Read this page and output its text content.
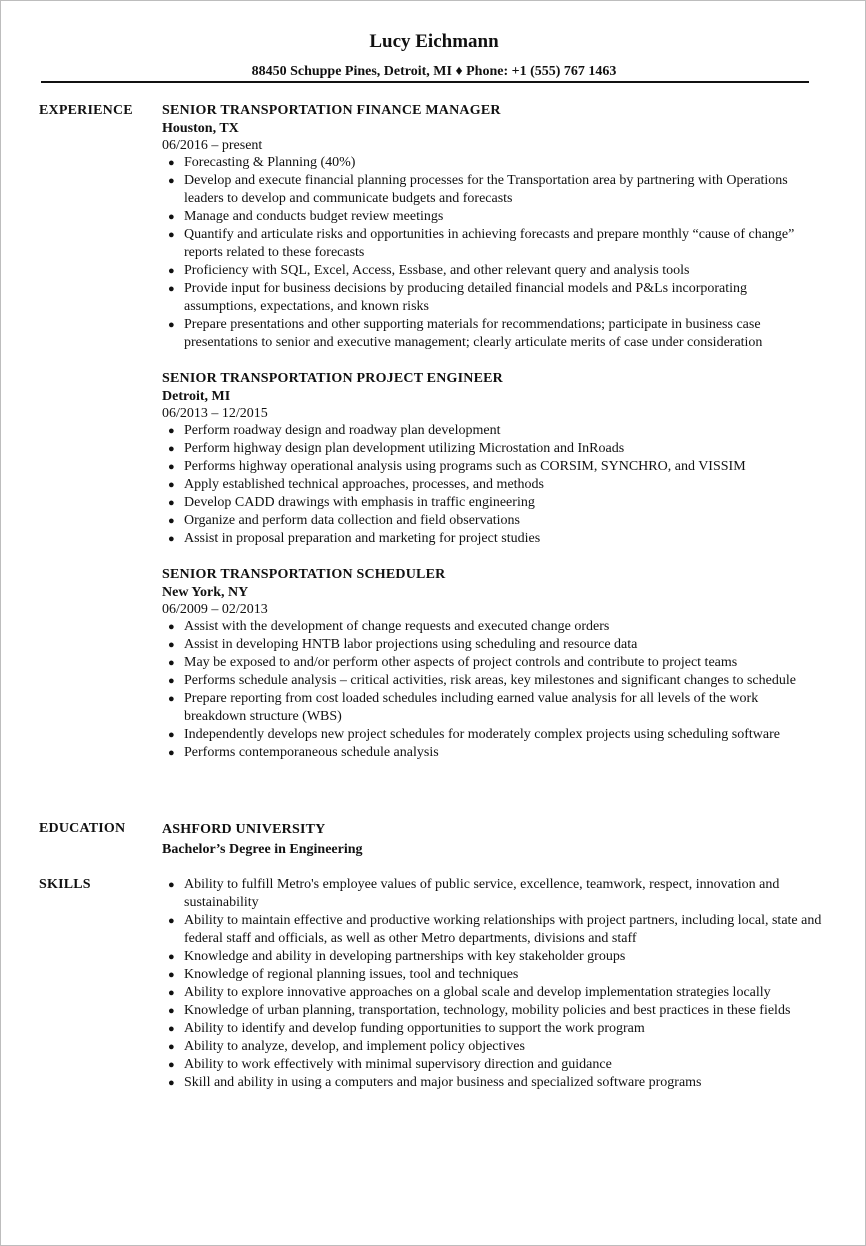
Lucy Eichmann
88450 Schuppe Pines, Detroit, MI ♦ Phone: +1 (555) 767 1463
EXPERIENCE SENIOR TRANSPORTATION FINANCE MANAGER
Houston, TX
06/2016 – present
● Forecasting & Planning (40%)
● Develop and execute financial planning processes for the Transportation area by partnering with Operations leaders to develop and communicate budgets and forecasts
● Manage and conducts budget review meetings
● Quantify and articulate risks and opportunities in achieving forecasts and prepare monthly “cause of change” reports related to these forecasts
● Proficiency with SQL, Excel, Access, Essbase, and other relevant query and analysis tools
● Provide input for business decisions by producing detailed financial models and P&Ls incorporating assumptions, expectations, and known risks
● Prepare presentations and other supporting materials for recommendations; participate in business case presentations to senior and executive management; clearly articulate merits of case under consideration
SENIOR TRANSPORTATION PROJECT ENGINEER
Detroit, MI
06/2013 – 12/2015
● Perform roadway design and roadway plan development
● Perform highway design plan development utilizing Microstation and InRoads
● Performs highway operational analysis using programs such as CORSIM, SYNCHRO, and VISSIM
● Apply established technical approaches, processes, and methods
● Develop CADD drawings with emphasis in traffic engineering
● Organize and perform data collection and field observations
● Assist in proposal preparation and marketing for project studies
SENIOR TRANSPORTATION SCHEDULER
New York, NY
06/2009 – 02/2013
● Assist with the development of change requests and executed change orders
● Assist in developing HNTB labor projections using scheduling and resource data
● May be exposed to and/or perform other aspects of project controls and contribute to project teams
● Performs schedule analysis – critical activities, risk areas, key milestones and significant changes to schedule
● Prepare reporting from cost loaded schedules including earned value analysis for all levels of the work breakdown structure (WBS)
● Independently develops new project schedules for moderately complex projects using scheduling software
● Performs contemporaneous schedule analysis
EDUCATION	ASHFORD UNIVERSITY
Bachelor’s Degree in Engineering
SKILLS	● Ability to fulfill Metro's employee values of public service, excellence, teamwork, respect, innovation and sustainability
● Ability to maintain effective and productive working relationships with project partners, including local, state and federal staff and officials, as well as other Metro departments, divisions and staff
● Knowledge and ability in developing partnerships with key stakeholder groups
● Knowledge of regional planning issues, tool and techniques
● Ability to explore innovative approaches on a global scale and develop implementation strategies locally
● Knowledge of urban planning, transportation, technology, mobility policies and best practices in these fields
● Ability to identify and develop funding opportunities to support the work program
● Ability to analyze, develop, and implement policy objectives
● Ability to work effectively with minimal supervisory direction and guidance
● Skill and ability in using a computers and major business and specialized software programs
